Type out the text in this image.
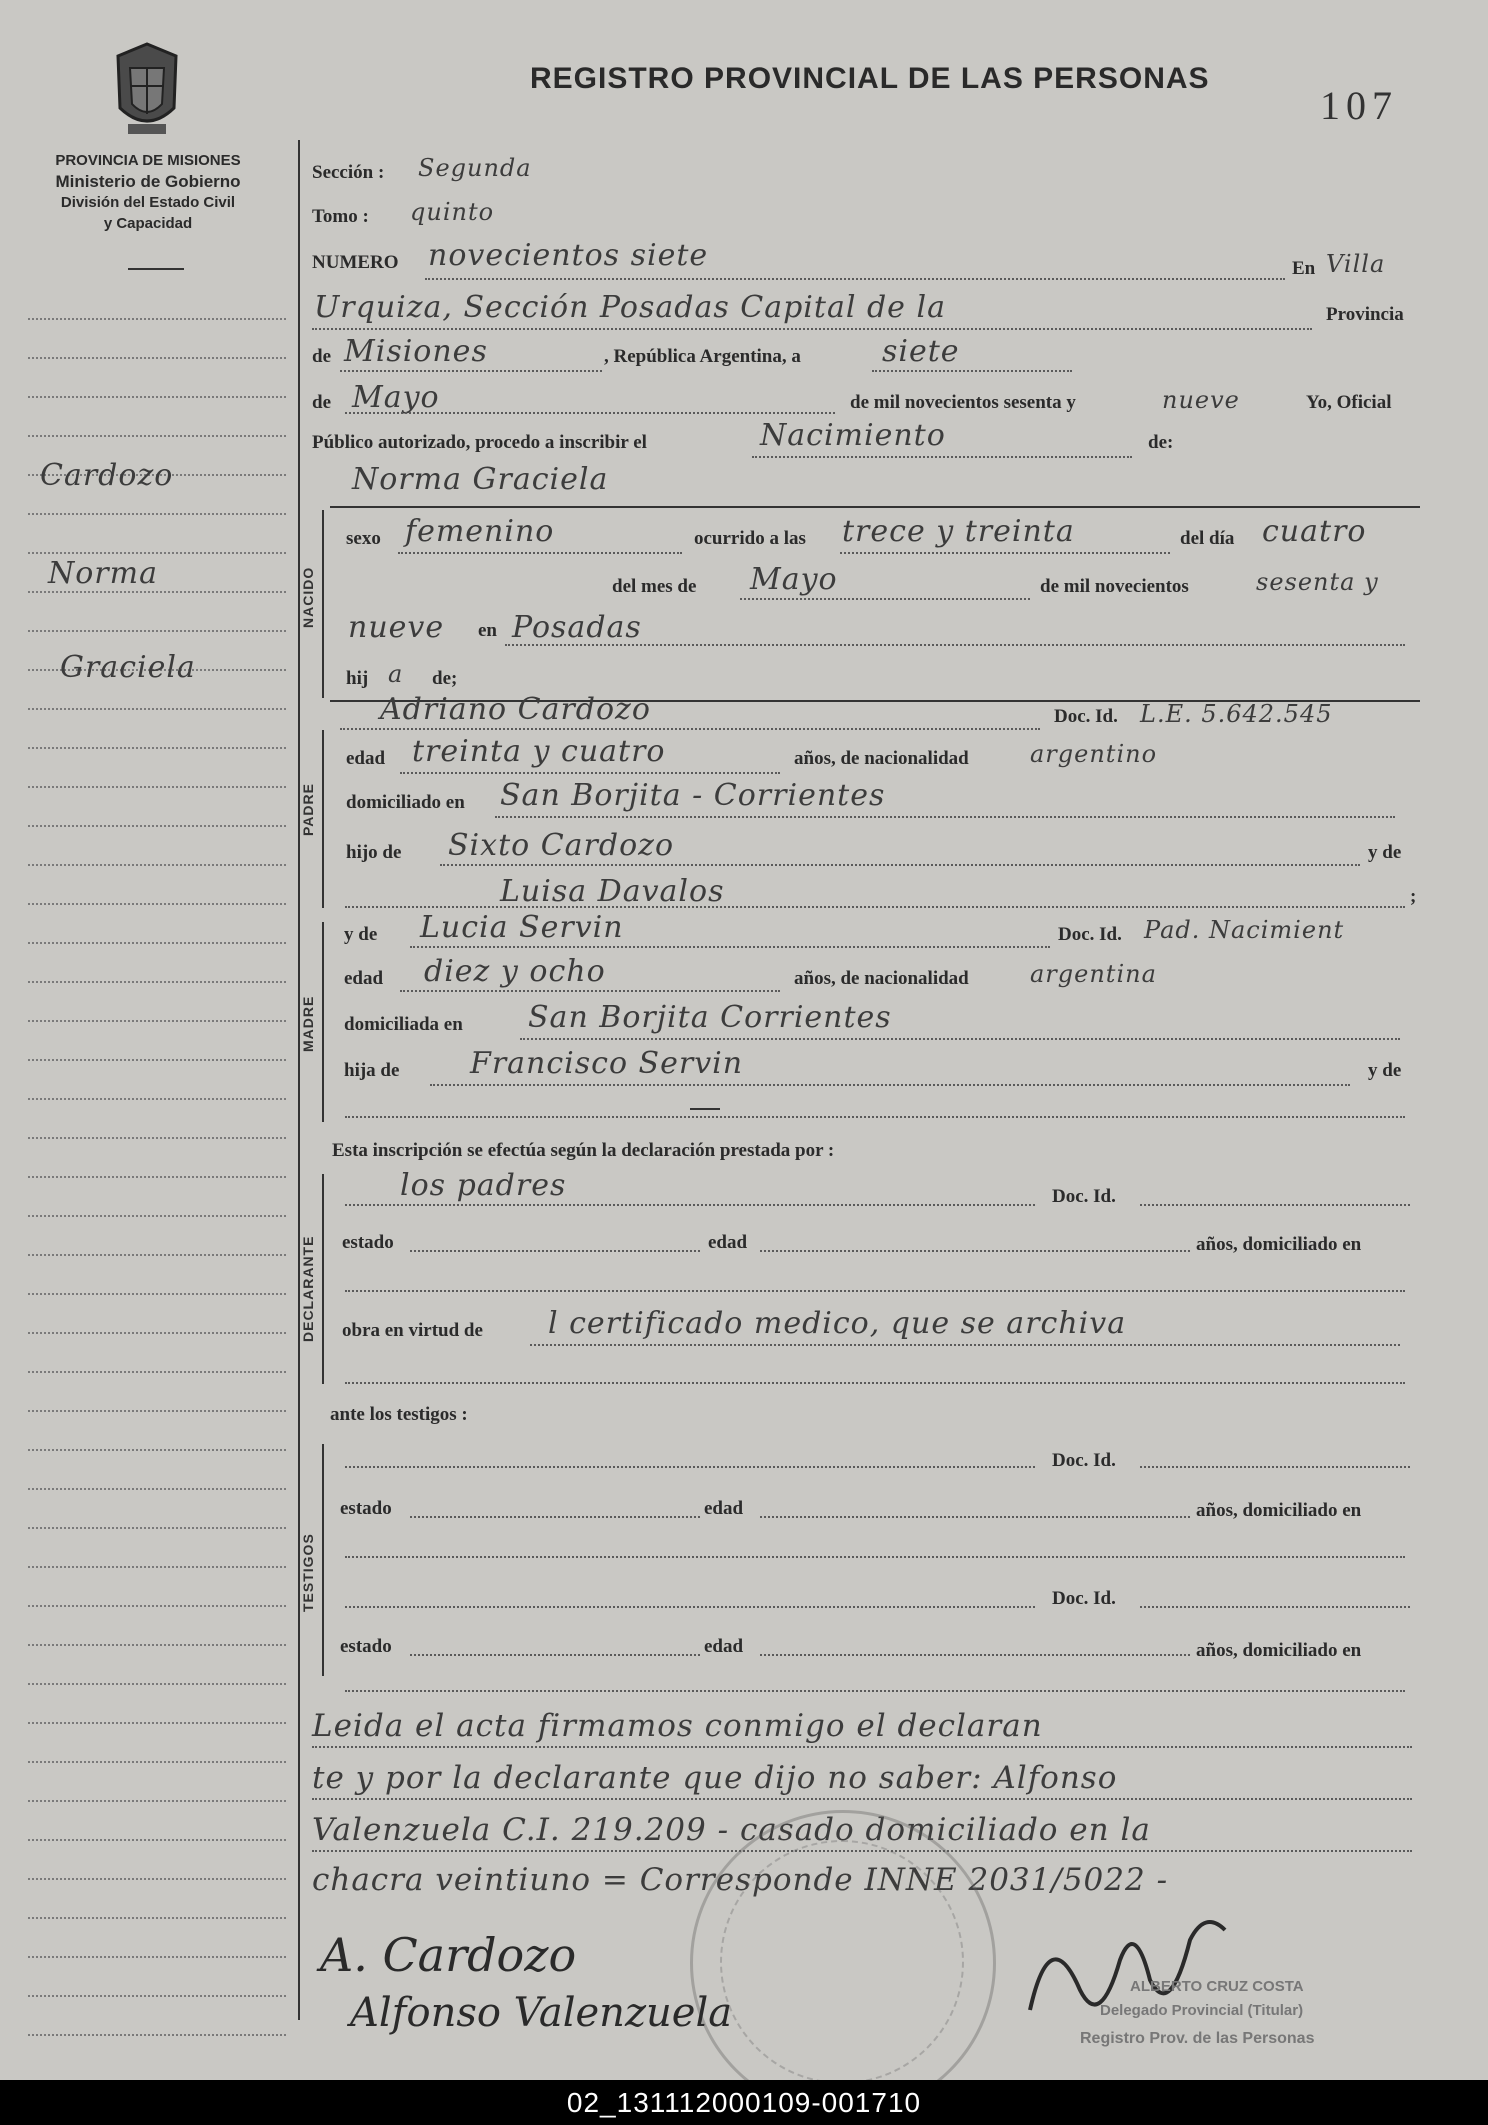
PROVINCIA DE MISIONES
Ministerio de Gobierno
División del Estado Civil
y Capacidad
REGISTRO PROVINCIAL DE LAS PERSONAS
107
Cardozo
Norma
Graciela
Sección : Segunda
Tomo : quinto
NUMERO novecientos siete	En Villa
Urquiza, Sección Posadas Capital de la	Provincia
de Misiones	, República Argentina, a	siete
de Mayo	de mil novecientos sesenta y	nueve	Yo, Oficial
Público autorizado, procedo a inscribir el	Nacimiento	de:
Norma Graciela
NACIDO
sexo femenino	ocurrido a las trece y treinta	del día cuatro
del mes de Mayo	de mil novecientos	sesenta y
nueve en Posadas
hij a de;
PADRE
Adriano Cardozo	Doc. Id. L.E. 5.642.545
edad treinta y cuatro	años, de nacionalidad	argentino
domiciliado en San Borjita - Corrientes
hijo de Sixto Cardozo	y de
Luisa Davalos	;
MADRE
y de Lucia Servin	Doc. Id. Pad. Nacimient
edad diez y ocho	años, de nacionalidad	argentina
domiciliada en San Borjita Corrientes
hija de Francisco Servin	y de
Esta inscripción se efectúa según la declaración prestada por :
DECLARANTE
los padres	Doc. Id.
estado	edad	años, domiciliado en
obra en virtud de l certificado medico, que se archiva
ante los testigos :
TESTIGOS
Doc. Id.
estado	edad	años, domiciliado en
Doc. Id.
estado	edad	años, domiciliado en
Leida el acta firmamos conmigo el declaran
te y por la declarante que dijo no saber: Alfonso
Valenzuela C.I. 219.209 - casado domiciliado en la
chacra veintiuno = Corresponde INNE 2031/5022 -
A. Cardozo
Alfonso Valenzuela
ALBERTO CRUZ COSTA
Delegado Provincial (Titular)
Registro Prov. de las Personas
02_131112000109-001710
